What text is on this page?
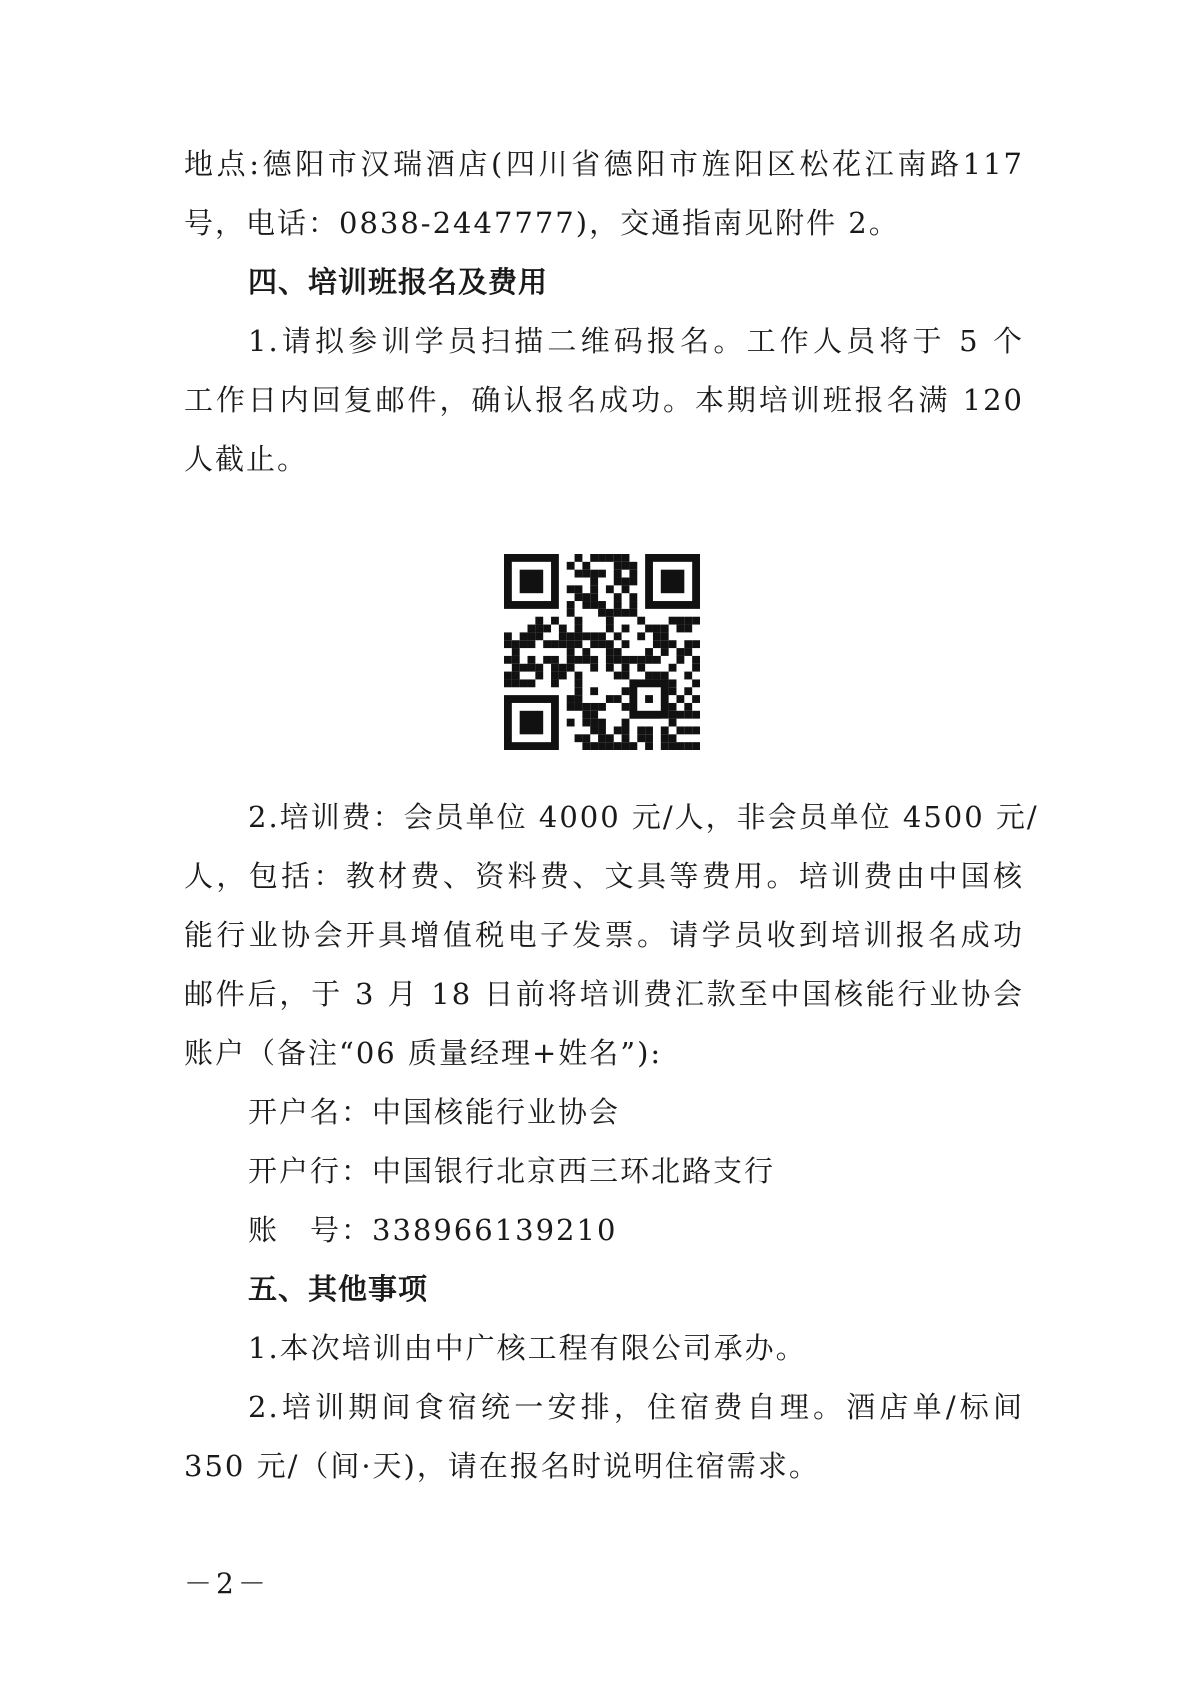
地点:德阳市汉瑞酒店(四川省德阳市旌阳区松花江南路117
号，电话：0838-2447777)，交通指南见附件 2。
四、培训班报名及费用
1.请拟参训学员扫描二维码报名。工作人员将于 5 个
工作日内回复邮件，确认报名成功。本期培训班报名满 120
人截止。
2.培训费：会员单位 4000 元/人，非会员单位 4500 元/
人，包括：教材费、资料费、文具等费用。培训费由中国核
能行业协会开具增值税电子发票。请学员收到培训报名成功
邮件后，于 3 月 18 日前将培训费汇款至中国核能行业协会
账户（备注“06 质量经理+姓名”):
开户名：中国核能行业协会
开户行：中国银行北京西三环北路支行
账　号：338966139210
五、其他事项
1.本次培训由中广核工程有限公司承办。
2.培训期间食宿统一安排，住宿费自理。酒店单/标间
350 元/（间·天)，请在报名时说明住宿需求。
－2－
